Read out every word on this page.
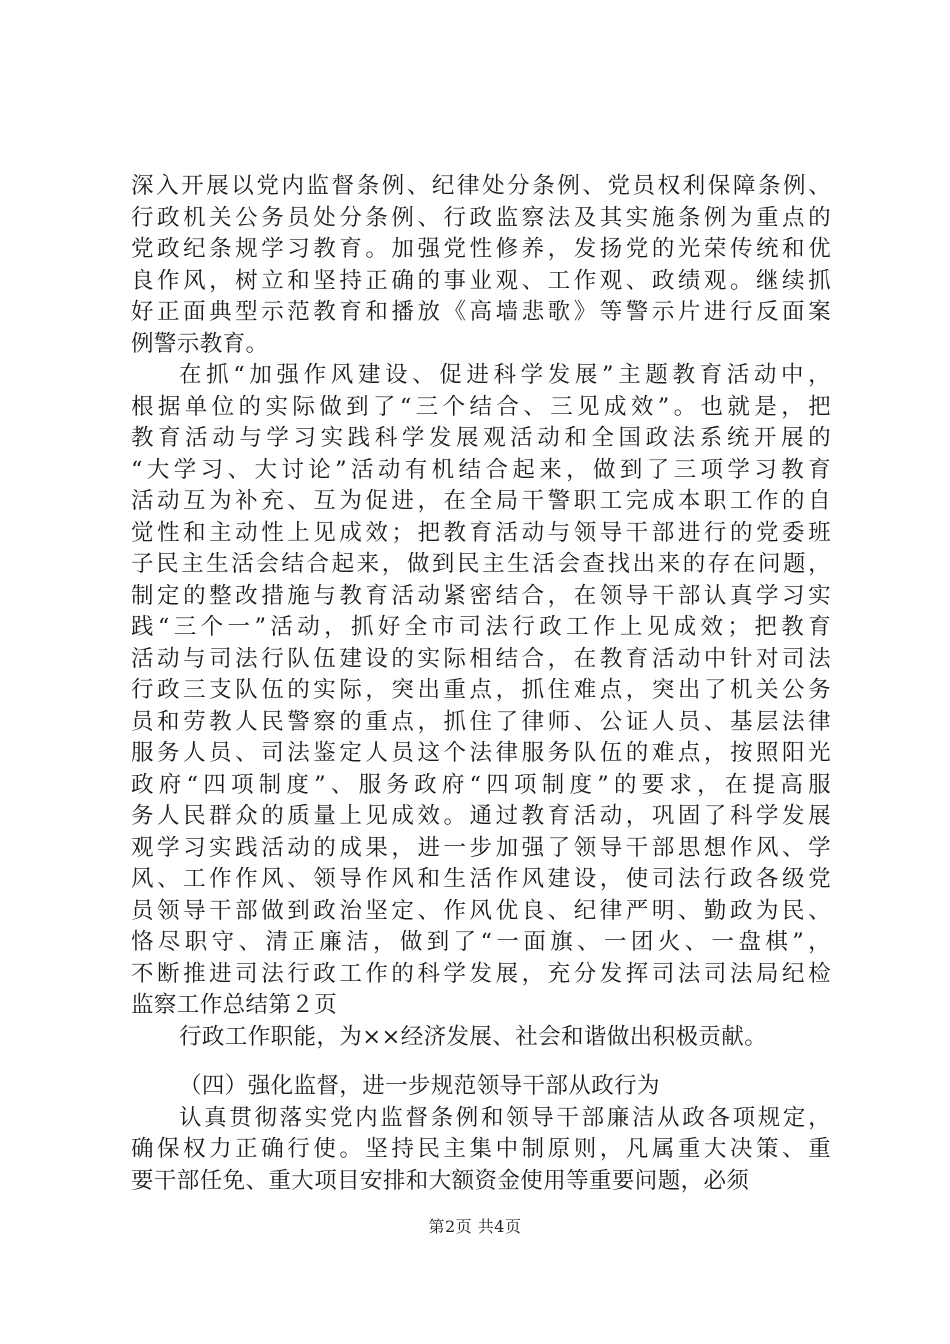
深入开展以党内监督条例、纪律处分条例、党员权利保障条例、
行政机关公务员处分条例、行政监察法及其实施条例为重点的
党政纪条规学习教育。加强党性修养，发扬党的光荣传统和优
良作风，树立和坚持正确的事业观、工作观、政绩观。继续抓
好正面典型示范教育和播放《高墙悲歌》等警示片进行反面案
例警示教育。
在抓“加强作风建设、促进科学发展”主题教育活动中，
根据单位的实际做到了“三个结合、三见成效”。也就是，把
教育活动与学习实践科学发展观活动和全国政法系统开展的
“大学习、大讨论”活动有机结合起来，做到了三项学习教育
活动互为补充、互为促进，在全局干警职工完成本职工作的自
觉性和主动性上见成效；把教育活动与领导干部进行的党委班
子民主生活会结合起来，做到民主生活会查找出来的存在问题，
制定的整改措施与教育活动紧密结合，在领导干部认真学习实
践“三个一”活动，抓好全市司法行政工作上见成效；把教育
活动与司法行队伍建设的实际相结合，在教育活动中针对司法
行政三支队伍的实际，突出重点，抓住难点，突出了机关公务
员和劳教人民警察的重点，抓住了律师、公证人员、基层法律
服务人员、司法鉴定人员这个法律服务队伍的难点，按照阳光
政府“四项制度”、服务政府“四项制度”的要求，在提高服
务人民群众的质量上见成效。通过教育活动，巩固了科学发展
观学习实践活动的成果，进一步加强了领导干部思想作风、学
风、工作作风、领导作风和生活作风建设，使司法行政各级党
员领导干部做到政治坚定、作风优良、纪律严明、勤政为民、
恪尽职守、清正廉洁，做到了“一面旗、一团火、一盘棋”，
不断推进司法行政工作的科学发展，充分发挥司法司法局纪检
监察工作总结第２页
行政工作职能，为××经济发展、社会和谐做出积极贡献。
（四）强化监督，进一步规范领导干部从政行为
认真贯彻落实党内监督条例和领导干部廉洁从政各项规定，
确保权力正确行使。坚持民主集中制原则，凡属重大决策、重
要干部任免、重大项目安排和大额资金使用等重要问题，必须
第2页 共4页
